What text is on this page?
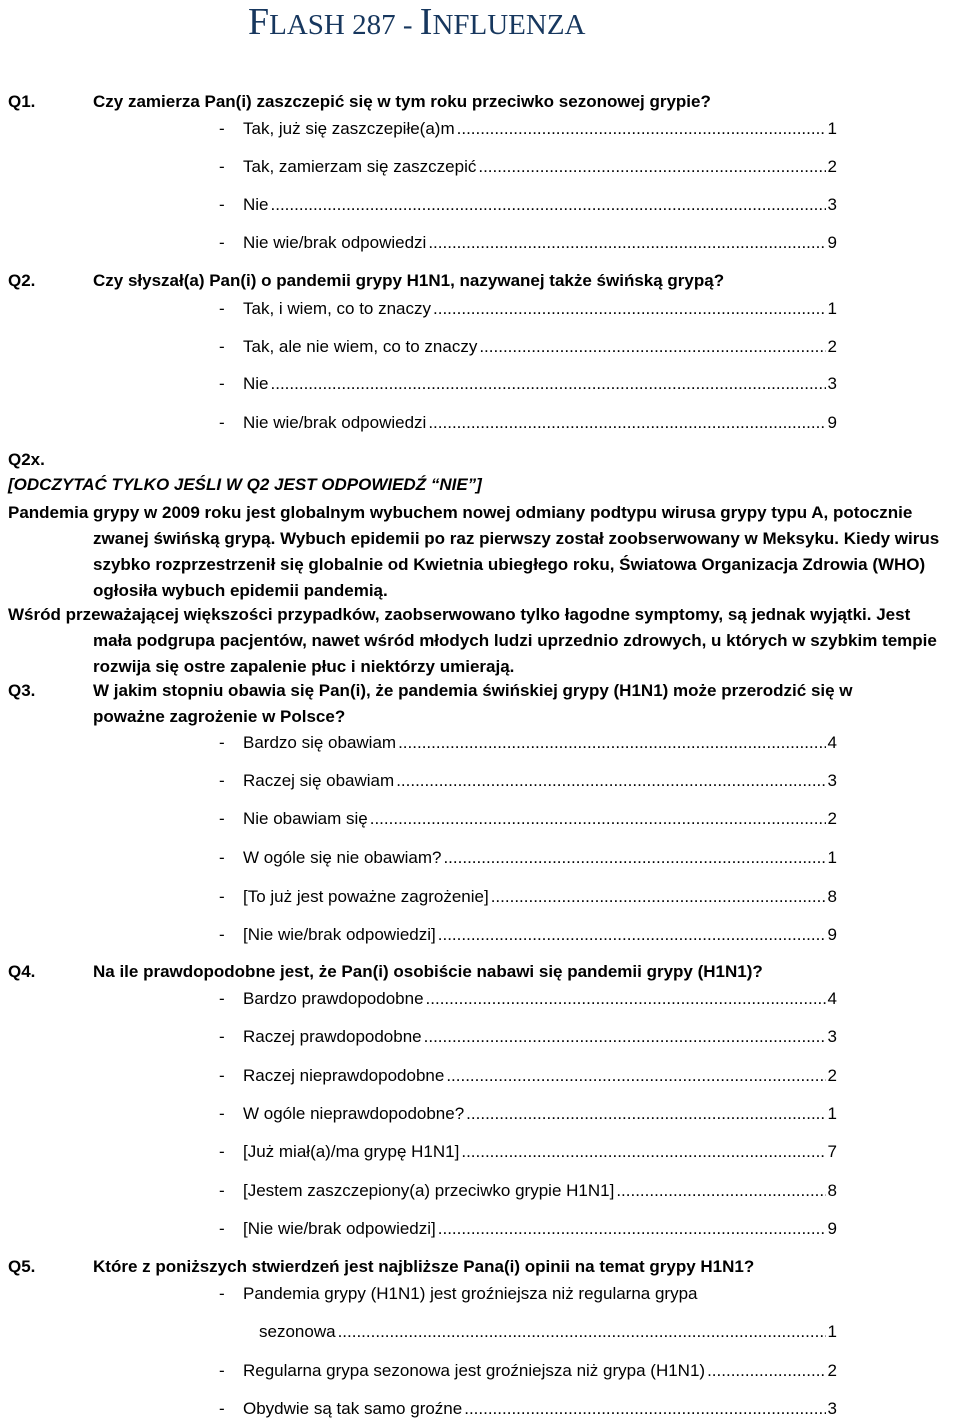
FLASH 287 - INFLUENZA
Q1.	Czy zamierza Pan(i) zaszczepić się w tym roku przeciwko sezonowej grypie?
-	Tak, już się zaszczepiłe(a)m .....	1
-	Tak, zamierzam się zaszczepić .....	2
-	Nie .....	3
-	Nie wie/brak odpowiedzi .....	9
Q2.	Czy słyszał(a) Pan(i) o pandemii grypy H1N1, nazywanej także świńską grypą?
-	Tak, i wiem, co to znaczy .....	1
-	Tak, ale nie wiem, co to znaczy .....	2
-	Nie .....	3
-	Nie wie/brak odpowiedzi .....	9
Q2x.
[ODCZYTAĆ TYLKO JEŚLI W Q2 JEST ODPOWIEDŹ “NIE”]
Pandemia grypy w 2009 roku jest globalnym wybuchem nowej odmiany podtypu wirusa grypy typu A, potocznie zwanej świńską grypą. Wybuch epidemii po raz pierwszy został zoobserwowany w Meksyku. Kiedy wirus szybko rozprzestrzenił się globalnie od Kwietnia ubiegłego roku, Światowa Organizacja Zdrowia (WHO) ogłosiła wybuch epidemii pandemią.
Wśród przeważającej większości przypadków, zaobserwowano tylko łagodne symptomy, są jednak wyjątki. Jest mała podgrupa pacjentów, nawet wśród młodych ludzi uprzednio zdrowych, u których w szybkim tempie rozwija się ostre zapalenie płuc i niektórzy umierają.
Q3.	W jakim stopniu obawia się Pan(i), że pandemia świńskiej grypy (H1N1) może przerodzić się w
poważne zagrożenie w Polsce?
-	Bardzo się obawiam .....	4
-	Raczej się obawiam .....	3
-	Nie obawiam się .....	2
-	W ogóle się nie obawiam? .....	1
-	[To już jest poważne zagrożenie] .....	8
-	[Nie wie/brak odpowiedzi] .....	9
Q4.	Na ile prawdopodobne jest, że Pan(i) osobiście nabawi się pandemii grypy (H1N1)?
-	Bardzo prawdopodobne .....	4
-	Raczej prawdopodobne .....	3
-	Raczej nieprawdopodobne .....	2
-	W ogóle nieprawdopodobne? .....	1
-	[Już miał(a)/ma grypę H1N1] .....	7
-	[Jestem zaszczepiony(a) przeciwko grypie H1N1] .....	8
-	[Nie wie/brak odpowiedzi] .....	9
Q5.	Które z poniższych stwierdzeń jest najbliższe Pana(i) opinii na temat grypy H1N1?
-	Pandemia grypy (H1N1) jest groźniejsza niż regularna grypa
sezonowa .....	1
-	Regularna grypa sezonowa jest groźniejsza niż grypa (H1N1) .....	2
-	Obydwie są tak samo groźne .....	3
